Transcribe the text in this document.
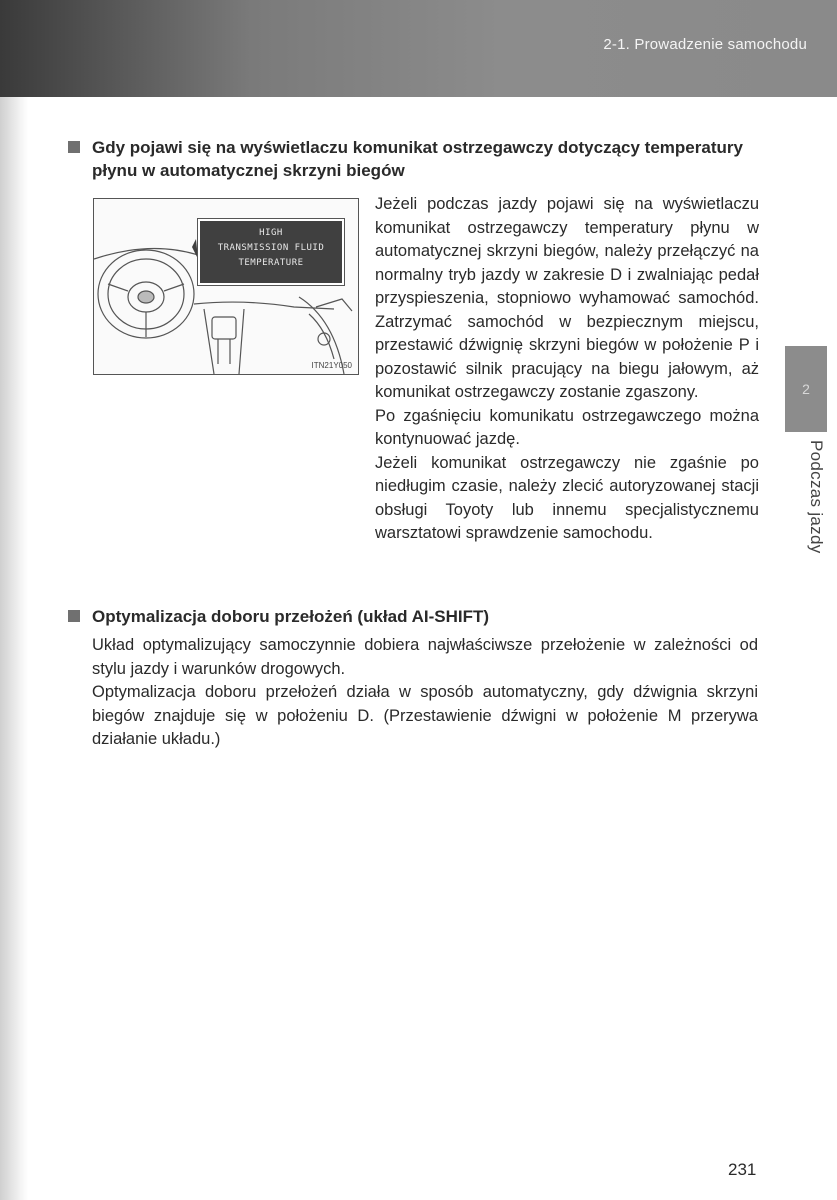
2-1. Prowadzenie samochodu
Gdy pojawi się na wyświetlaczu komunikat ostrzegawczy dotyczący temperatury płynu w automatycznej skrzyni biegów
HIGH
TRANSMISSION FLUID
TEMPERATURE
ITN21Y050

Jeżeli podczas jazdy pojawi się na wyświetlaczu komunikat ostrzegawczy temperatury płynu w automatycznej skrzyni biegów, należy przełączyć na normalny tryb jazdy w zakresie D i zwalniając pedał przyspieszenia, stopniowo wyhamować samochód. Zatrzymać samochód w bezpiecznym miejscu, przestawić dźwignię skrzyni biegów w położenie P i pozostawić silnik pracujący na biegu jałowym, aż komunikat ostrzegawczy zostanie zgaszony.

Po zgaśnięciu komunikatu ostrzegawczego można kontynuować jazdę.

Jeżeli komunikat ostrzegawczy nie zgaśnie po niedługim czasie, należy zlecić autoryzowanej stacji obsługi Toyoty lub innemu specjalistycznemu warsztatowi sprawdzenie samochodu.

Optymalizacja doboru przełożeń (układ AI-SHIFT)

Układ optymalizujący samoczynnie dobiera najwłaściwsze przełożenie w zależności od stylu jazdy i warunków drogowych.

Optymalizacja doboru przełożeń działa w sposób automatyczny, gdy dźwignia skrzyni biegów znajduje się w położeniu D. (Przestawienie dźwigni w położenie M przerywa działanie układu.)

2
Podczas jazdy
231
